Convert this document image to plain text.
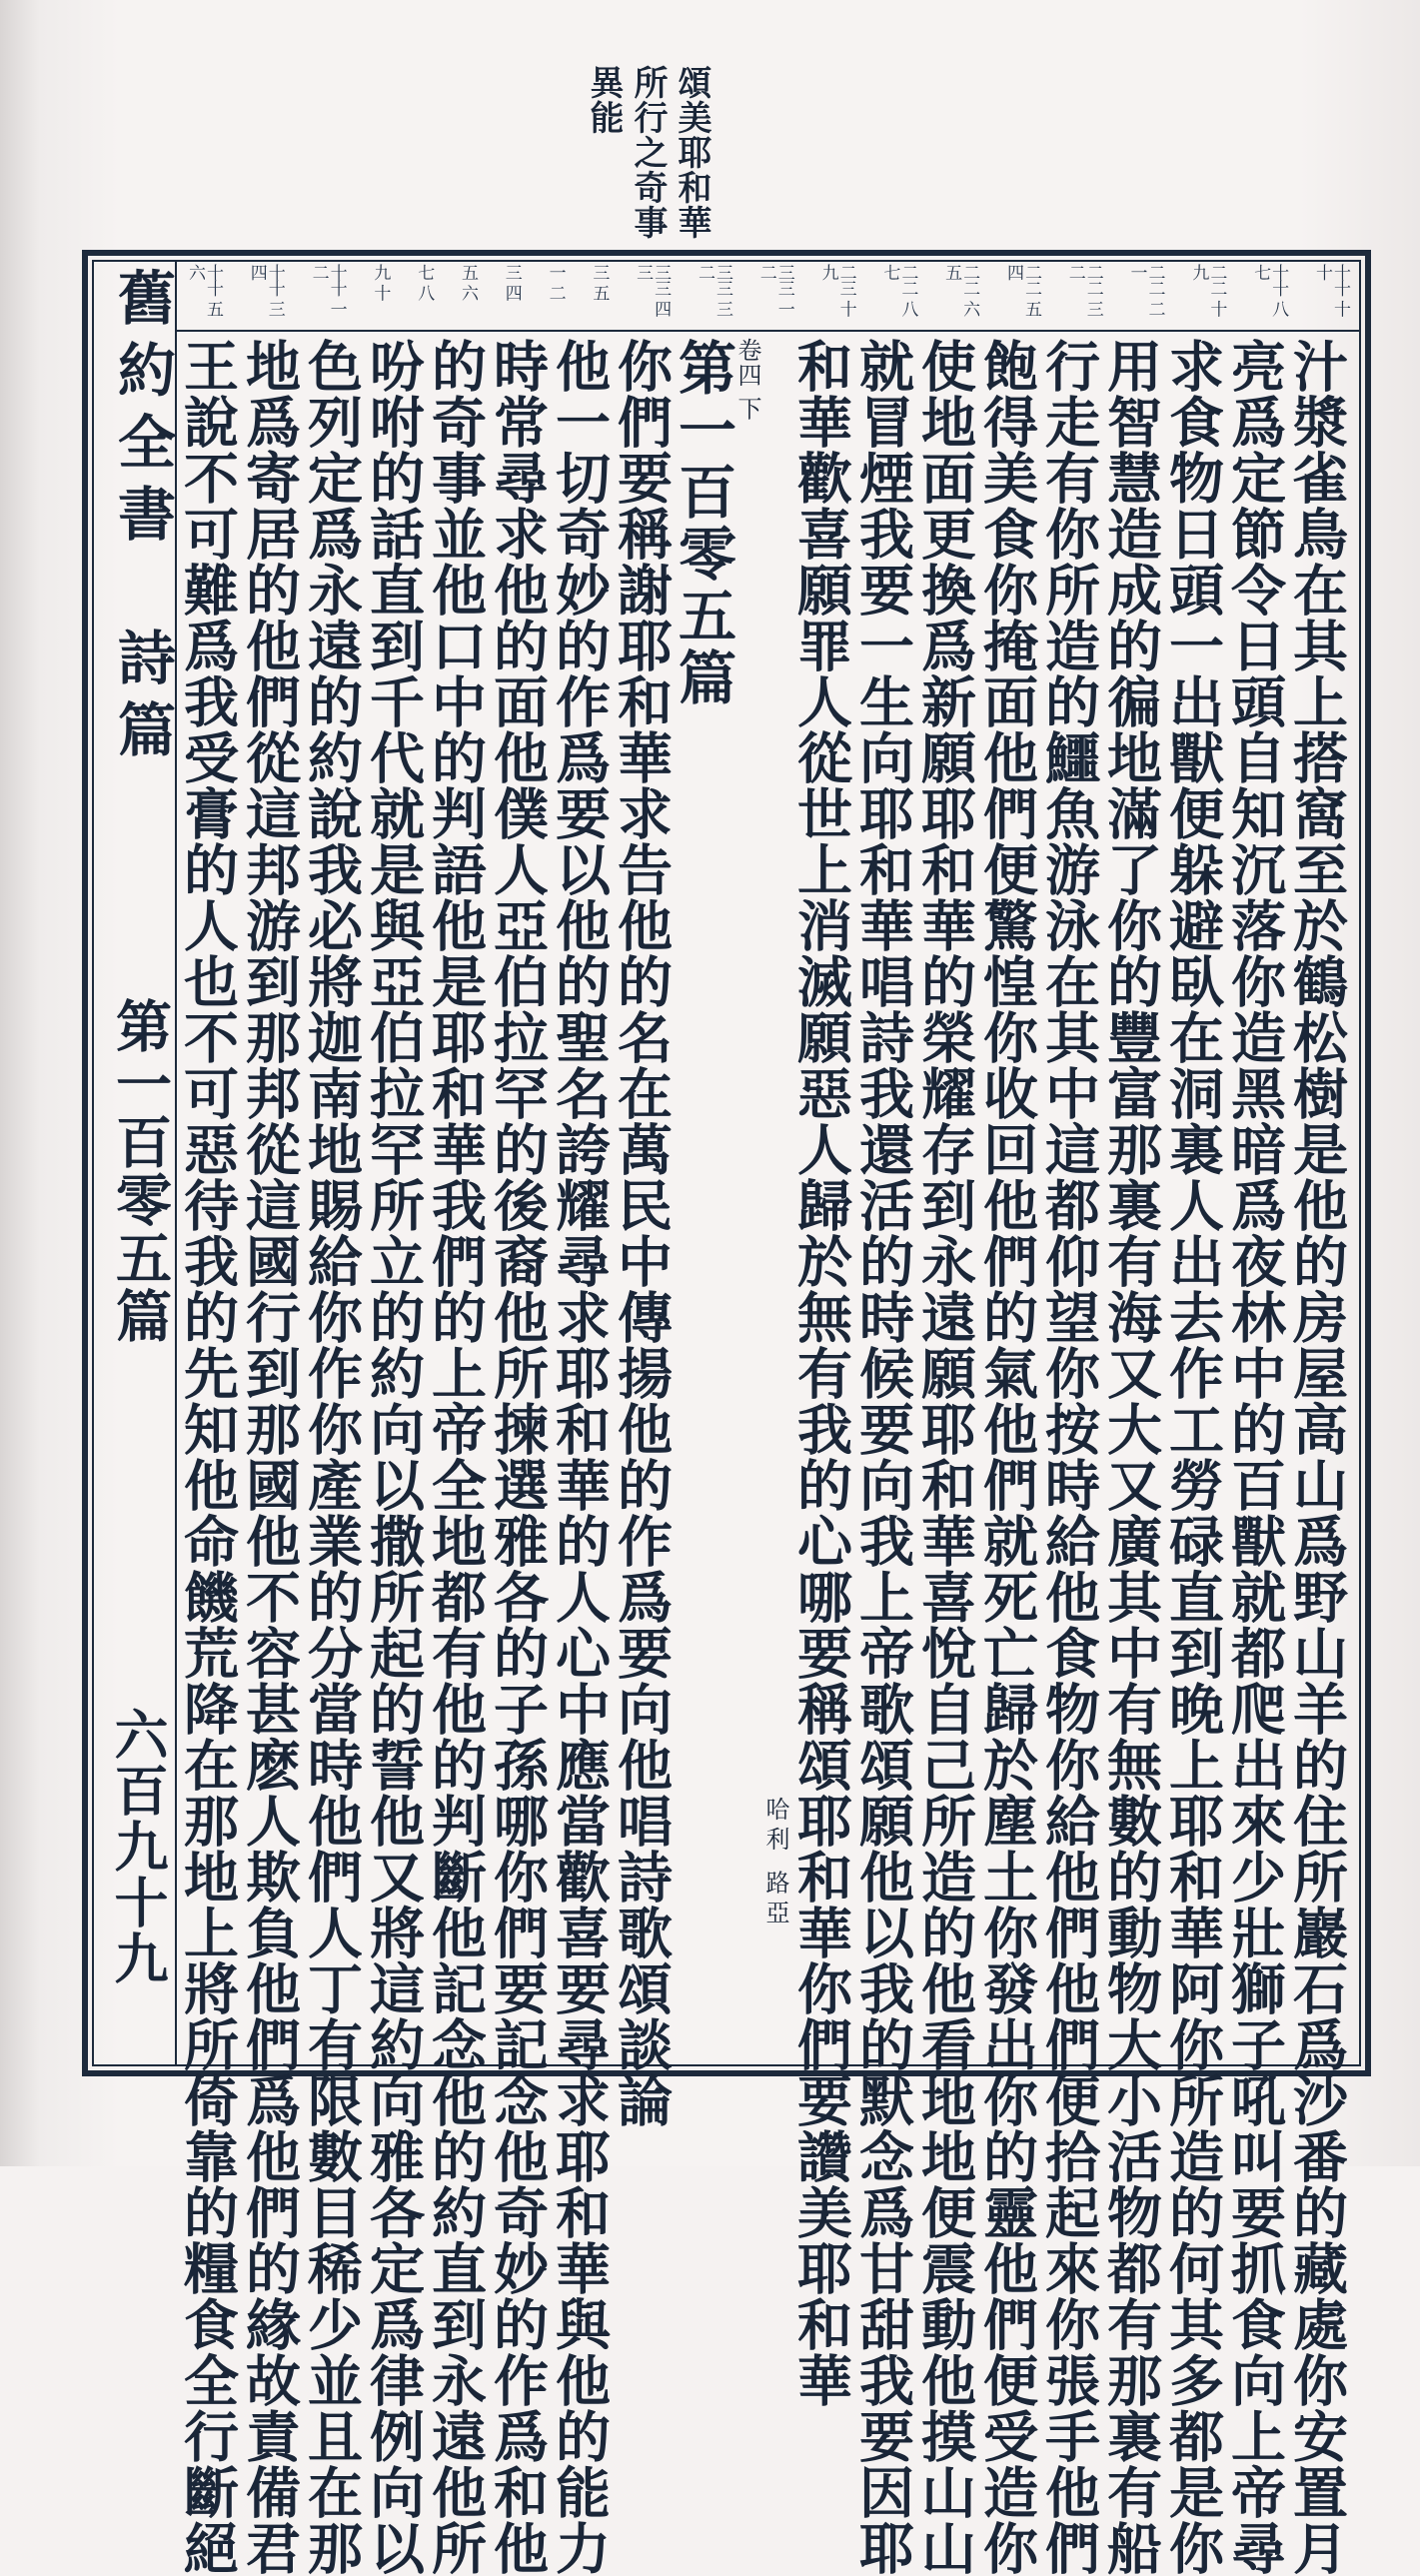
頌美耶和華
所行之奇事
異能
舊約全書　詩篇
第一百零五篇
六百九十九
十十 十十
十十 八七
二二 十九
二二 二一
二二 三二
二二 五四
二二 六五
二二 八七
二三 十九
三三 一二
三三 三二
三三 四三
三 五
一 二
三 四
五 六
七 八
九 十
十十 一二
十十 三四
十十 五六
汁漿雀鳥在其上搭窩至於鶴松樹是他的房屋高山爲野山羊的住所巖石爲沙番的藏處你安置月
亮爲定節令日頭自知沉落你造黑暗爲夜林中的百獸就都爬出來少壯獅子吼叫要抓食向上帝尋
求食物日頭一出獸便躲避臥在洞裏人出去作工勞碌直到晚上耶和華阿你所造的何其多都是你
用智慧造成的徧地滿了你的豐富那裏有海又大又廣其中有無數的動物大小活物都有那裏有船
行走有你所造的鱷魚游泳在其中這都仰望你按時給他食物你給他們他們便拾起來你張手他們
飽得美食你掩面他們便驚惶你收回他們的氣他們就死亡歸於塵土你發出你的靈他們便受造你
使地面更換爲新願耶和華的榮耀存到永遠願耶和華喜悅自己所造的他看地地便震動他摸山山
就冒煙我要一生向耶和華唱詩我還活的時候要向我上帝歌頌願他以我的默念爲甘甜我要因耶
和華歡喜願罪人從世上消滅願惡人歸於無有我的心哪要稱頌耶和華你們要讚美耶和華
哈利 路亞
卷四 下
第一百零五篇
你們要稱謝耶和華求告他的名在萬民中傳揚他的作爲要向他唱詩歌頌談論
他一切奇妙的作爲要以他的聖名誇耀尋求耶和華的人心中應當歡喜要尋求耶和華與他的能力
時常尋求他的面他僕人亞伯拉罕的後裔他所揀選雅各的子孫哪你們要記念他奇妙的作爲和他
的奇事並他口中的判語他是耶和華我們的上帝全地都有他的判斷他記念他的約直到永遠他所
吩咐的話直到千代就是與亞伯拉罕所立的約向以撒所起的誓他又將這約向雅各定爲律例向以
色列定爲永遠的約說我必將迦南地賜給你作你產業的分當時他們人丁有限數目稀少並且在那
地爲寄居的他們從這邦游到那邦從這國行到那國他不容甚麽人欺負他們爲他們的緣故責備君
王說不可難爲我受膏的人也不可惡待我的先知他命饑荒降在那地上將所倚靠的糧食全行斷絕
